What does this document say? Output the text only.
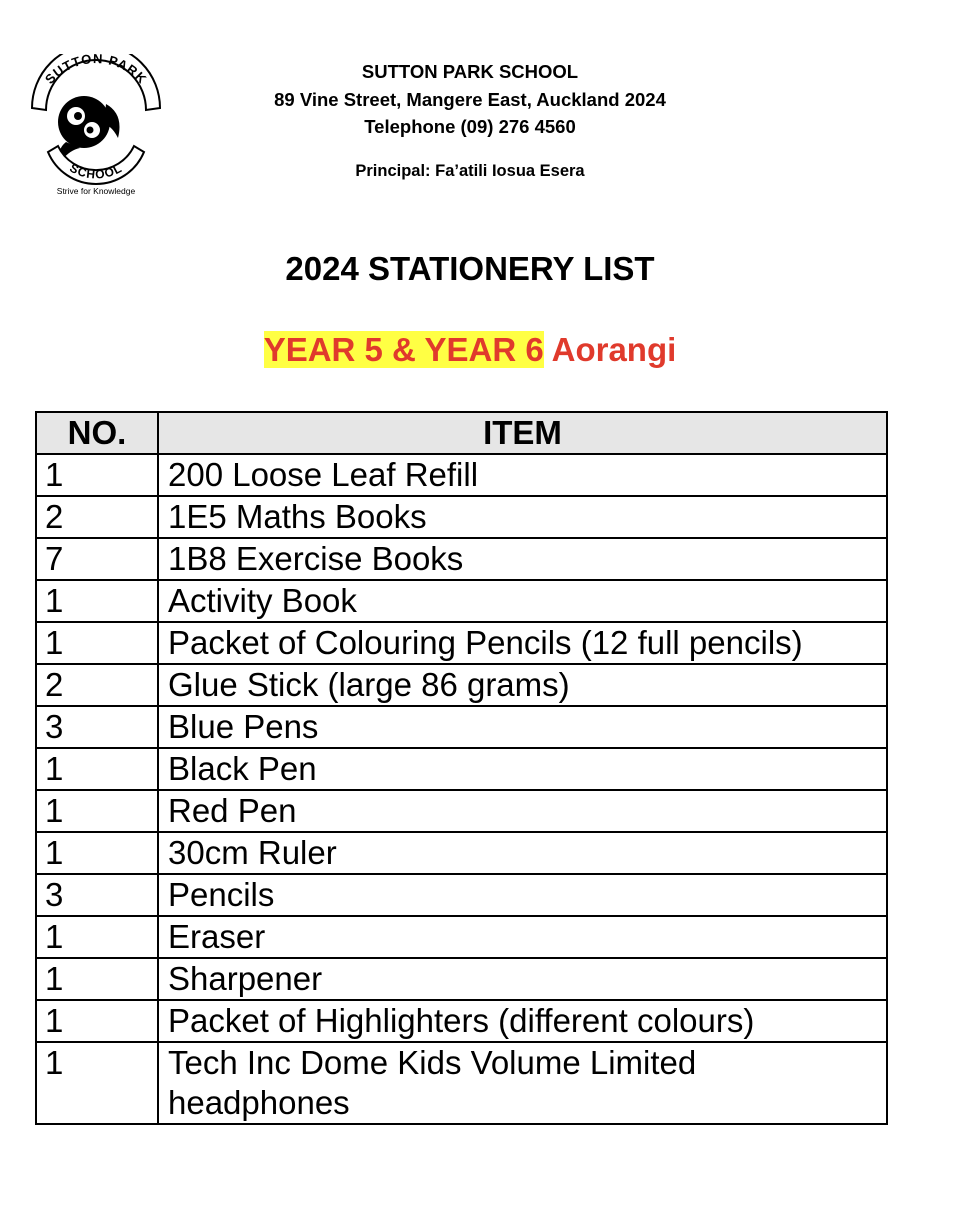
SUTTON PARK
SCHOOL
Strive for Knowledge
SUTTON PARK SCHOOL
89 Vine Street, Mangere East, Auckland 2024
Telephone (09) 276 4560
Principal: Fa’atili Iosua Esera
2024 STATIONERY LIST
YEAR 5 & YEAR 6 Aorangi
NO.	ITEM
1	200 Loose Leaf Refill
2	1E5 Maths Books
7	1B8 Exercise Books
1	Activity Book
1	Packet of Colouring Pencils (12 full pencils)
2	Glue Stick (large 86 grams)
3	Blue Pens
1	Black Pen
1	Red Pen
1	30cm Ruler
3	Pencils
1	Eraser
1	Sharpener
1	Packet of Highlighters (different colours)
1	Tech Inc Dome Kids Volume Limited headphones
